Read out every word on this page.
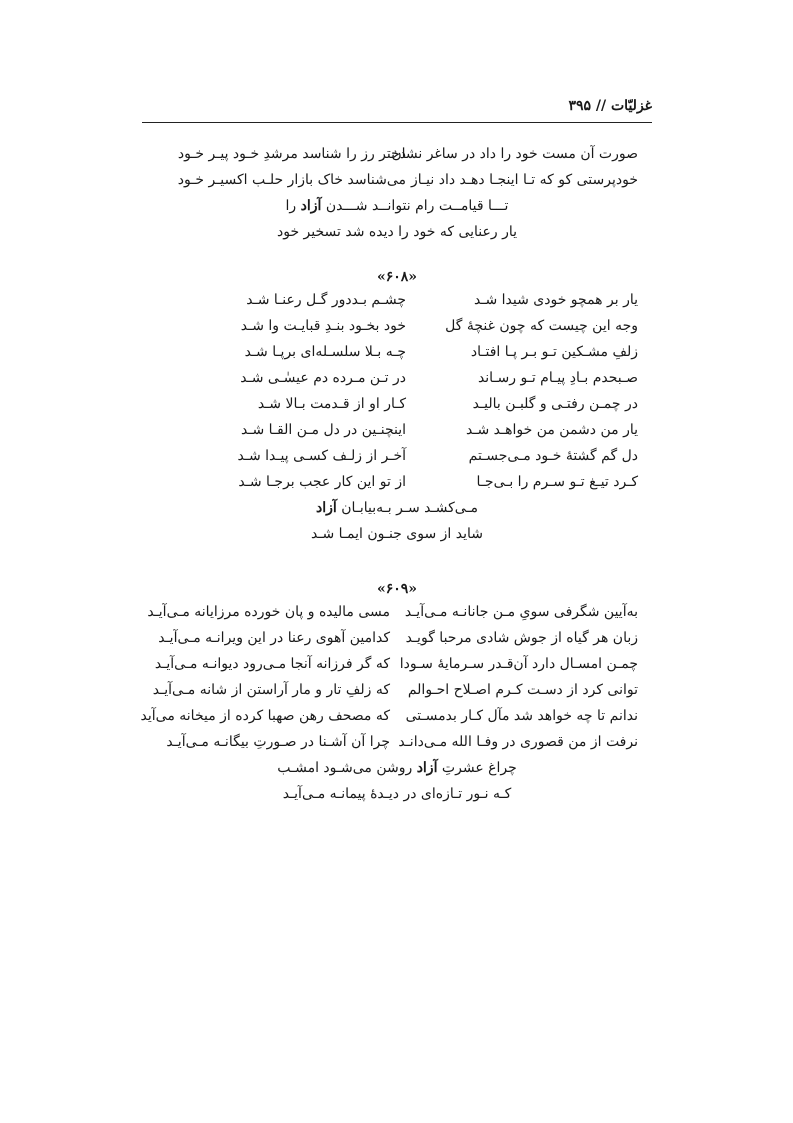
غزلیّات // ۳۹۵
صورت آن مست خود را داد در ساغر نشان
دختر رز را شناسد مرشدِ خـود پیـر خـود
خودپرستی کو که تـا اینجـا دهـد داد نیـاز
می‌شناسد خاک بازار حلـب اکسیـر خـود
تـــا قیامــت رام نتوانــد شـــدن آزاد را
یار رعنایی که خود را دیده شد تسخیر خود
«۶۰۸»
یار بر همچو خودی شیدا شـد
چشـم بـددور گـل رعنـا شـد
وجه این چیست که چون غنچهٔ گل
خود بخـود بنـدِ قبایـت وا شـد
زلفِ مشـکین تـو بـر پـا افتـاد
چـه بـلا سلسـله‌ای برپـا شـد
صـبحدم بـادِ پیـام تـو رسـاند
در تـن مـرده دم عیسٰـی شـد
در چمـن رفتـی و گلبـن بالیـد
کـار او از قـدمت بـالا شـد
یار من دشمن من خواهـد شـد
اینچنـین در دل مـن القـا شـد
دل گم گشتهٔ خـود مـی‌جسـتم
آخـر از زلـف کسـی پیـدا شـد
کـرد تیـغ تـو سـرم را بـی‌جـا
از تو این کار عجب برجـا شـد
مـی‌کشـد سـر بـه‌بیابـان آزاد
شاید از سوی جنـون ایمـا شـد
«۶۰۹»
به‌آیین شگرفی سویِ مـن جانانـه مـی‌آیـد
مسی مالیده و پان خورده مرزایانه مـی‌آیـد
زبان هر گیاه از جوش شادی مرحبا گویـد
کدامین آهوی رعنا در این ویرانـه مـی‌آیـد
چمـن امسـال دارد آن‌قـدر سـرمایهٔ سـودا
که گر فرزانه آنجا مـی‌رود دیوانـه مـی‌آیـد
توانی کرد از دسـت کـرم اصـلاح احـوالم
که زلفِ تار و مار آراستن از شانه مـی‌آیـد
ندانم تا چه خواهد شد مآل کـار بدمسـتی
که مصحف رهن صهبا کرده از میخانه می‌آید
نرفت از من قصوری در وفـا الله مـی‌دانـد
چرا آن آشـنا در صـورتِ بیگانـه مـی‌آیـد
چراغ عشرتِ آزاد روشن می‌شـود امشـب
کـه نـور تـازه‌ای در دیـدهٔ پیمانـه مـی‌آیـد
